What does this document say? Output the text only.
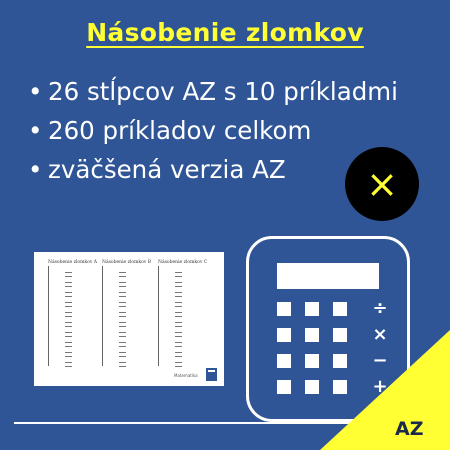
Násobenie zlomkov
• 26 stĺpcov AZ s 10 príkladmi
• 260 príkladov celkom
• zväčšená verzia AZ	×
Násobenie zlomkov A	Násobenie zlomkov B	Násobenie zlomkov C
Matematika
÷
×
−
+
AZ
